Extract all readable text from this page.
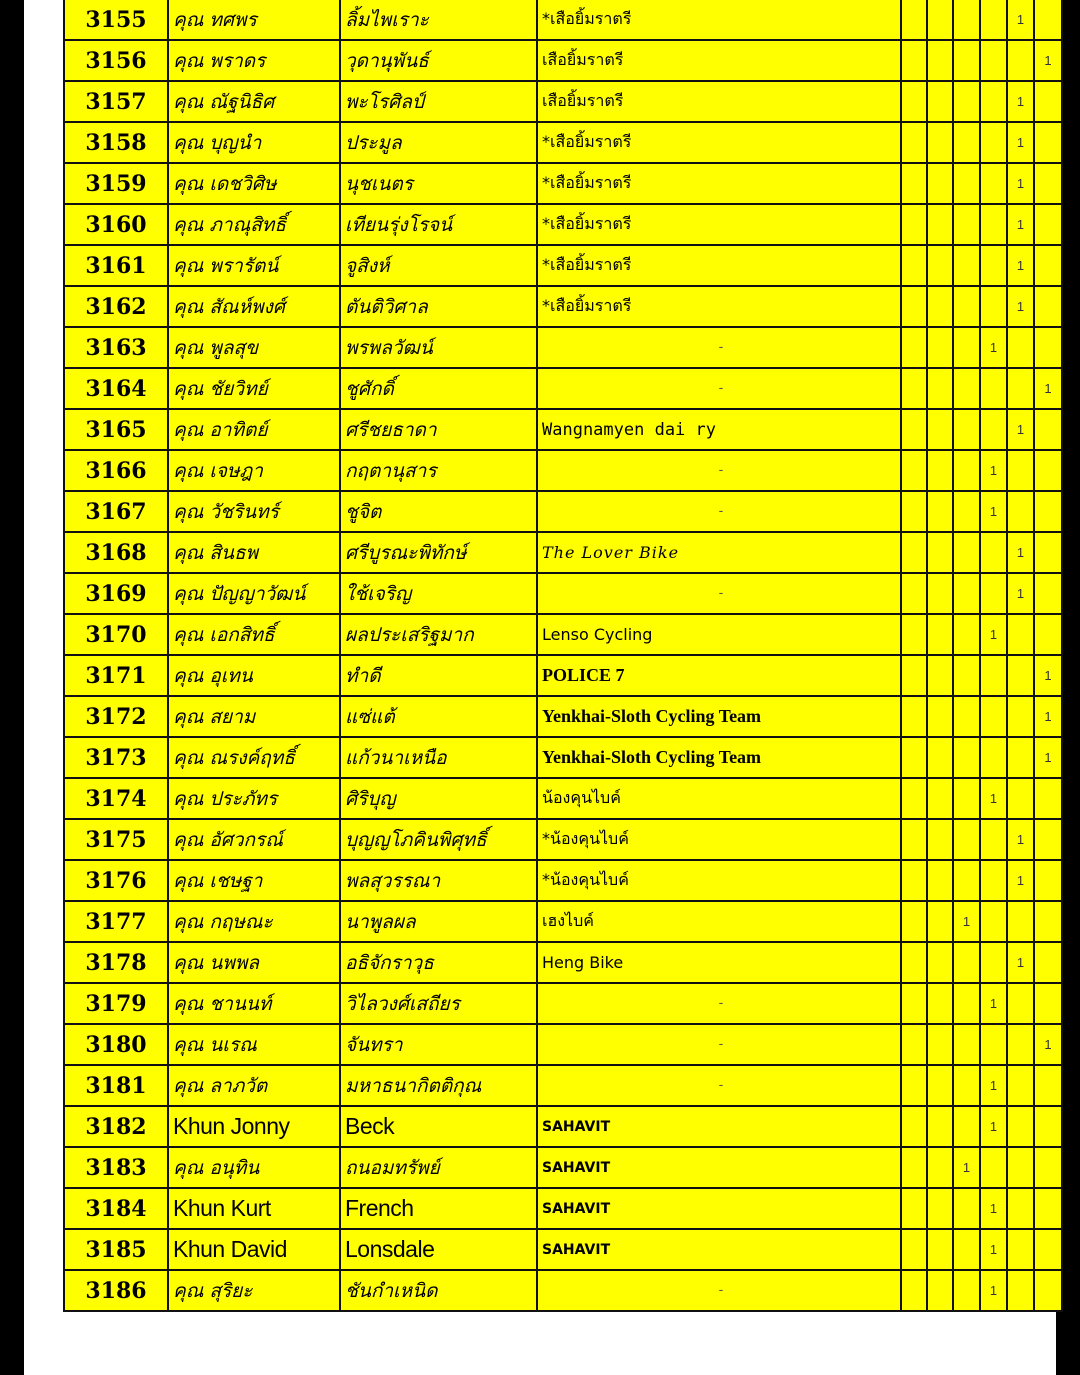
3155	คุณ ทศพร	ลิ้มไพเราะ	*เสือยิ้มราตรี					1	
3156	คุณ พราดร	วุดานุพันธ์	เสือยิ้มราตรี						1
3157	คุณ ณัฐนิธิศ	พะโรศิลป์	เสือยิ้มราตรี					1	
3158	คุณ บุญนำ	ประมูล	*เสือยิ้มราตรี					1	
3159	คุณ เดชวิศิษ	นุชเนตร	*เสือยิ้มราตรี					1	
3160	คุณ ภาณุสิทธิ์	เทียนรุ่งโรจน์	*เสือยิ้มราตรี					1	
3161	คุณ พรารัตน์	จูสิงห์	*เสือยิ้มราตรี					1	
3162	คุณ สัณห์พงศ์	ตันติวิศาล	*เสือยิ้มราตรี					1	
3163	คุณ พูลสุข	พรพลวัฒน์	-				1		
3164	คุณ ชัยวิทย์	ชูศักดิ์	-						1
3165	คุณ อาทิตย์	ศรีชยธาดา	Wangnamyen dai ry					1	
3166	คุณ เจษฎา	กฤตานุสาร	-				1		
3167	คุณ วัชรินทร์	ชูจิต	-				1		
3168	คุณ สินธพ	ศรีบูรณะพิทักษ์	The Lover Bike					1	
3169	คุณ ปัญญาวัฒน์	ใช้เจริญ	-					1	
3170	คุณ เอกสิทธิ์	ผลประเสริฐมาก	Lenso Cycling				1		
3171	คุณ อุเทน	ทำดี	POLICE 7						1
3172	คุณ สยาม	แซ่แต้	Yenkhai-Sloth Cycling Team						1
3173	คุณ ณรงค์ฤทธิ์	แก้วนาเหนือ	Yenkhai-Sloth Cycling Team						1
3174	คุณ ประภัทร	ศิริบุญ	น้องคุนไบค์				1		
3175	คุณ อัศวกรณ์	บุญญโภคินพิศุทธิ์	*น้องคุนไบค์					1	
3176	คุณ เชษฐา	พลสุวรรณา	*น้องคุนไบค์					1	
3177	คุณ กฤษณะ	นาพูลผล	เฮงไบค์			1			
3178	คุณ นพพล	อธิจักราวุธ	Heng Bike					1	
3179	คุณ ชานนท์	วิไลวงศ์เสถียร	-				1		
3180	คุณ นเรณ	จันทรา	-						1
3181	คุณ ลาภวัต	มหาธนากิตติกุณ	-				1		
3182	Khun Jonny	Beck	SAHAVIT				1		
3183	คุณ อนุทิน	ถนอมทรัพย์	SAHAVIT			1			
3184	Khun Kurt	French	SAHAVIT				1		
3185	Khun David	Lonsdale	SAHAVIT				1		
3186	คุณ สุริยะ	ชันกำเหนิด	-				1		
